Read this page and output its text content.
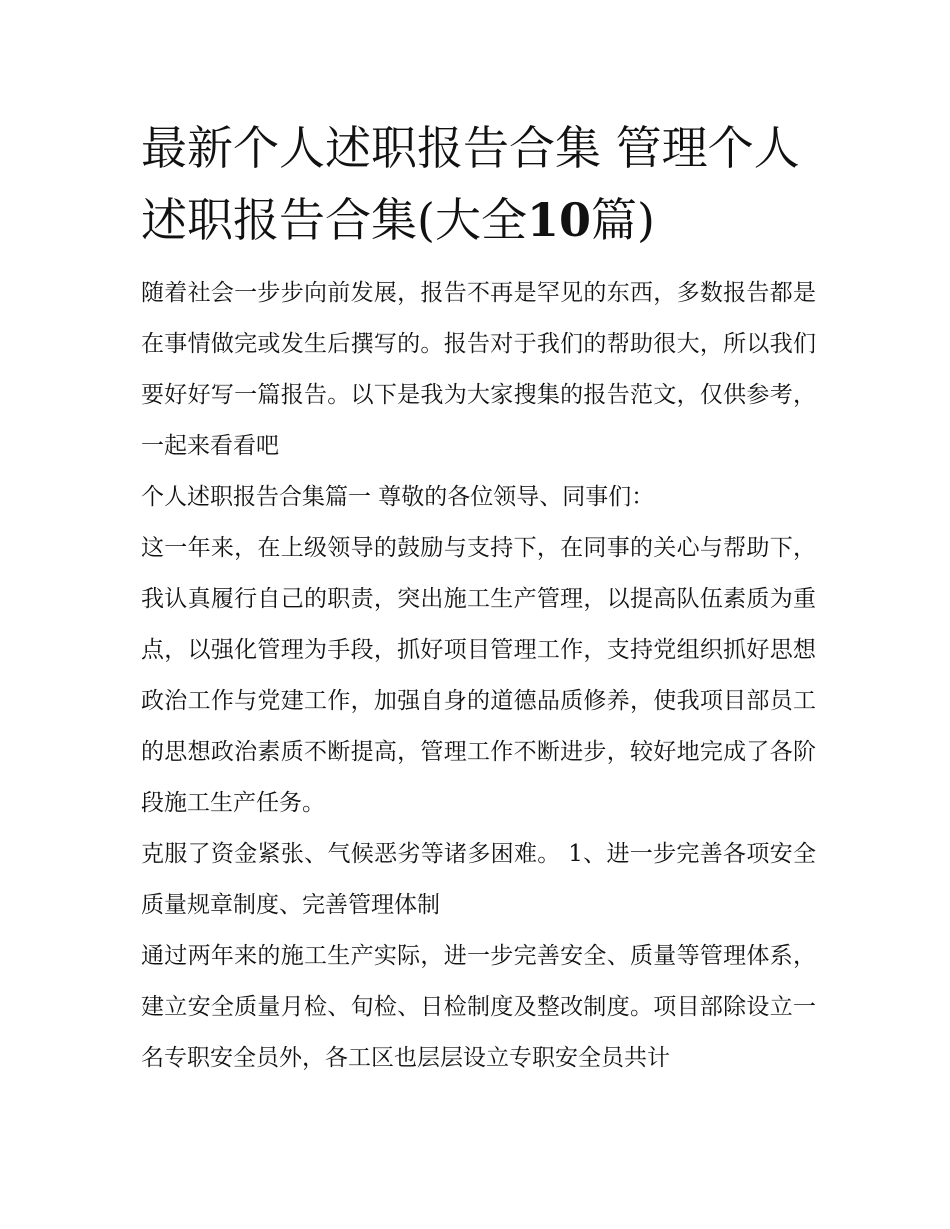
最新个人述职报告合集 管理个人述职报告合集(大全10篇)

随着社会一步步向前发展，报告不再是罕见的东西，多数报告都是在事情做完或发生后撰写的。报告对于我们的帮助很大，所以我们要好好写一篇报告。以下是我为大家搜集的报告范文，仅供参考，一起来看看吧

个人述职报告合集篇一 尊敬的各位领导、同事们：

这一年来，在上级领导的鼓励与支持下，在同事的关心与帮助下，我认真履行自己的职责，突出施工生产管理，以提高队伍素质为重点，以强化管理为手段，抓好项目管理工作，支持党组织抓好思想政治工作与党建工作，加强自身的道德品质修养，使我项目部员工的思想政治素质不断提高，管理工作不断进步，较好地完成了各阶段施工生产任务。

克服了资金紧张、气候恶劣等诸多困难。 1、进一步完善各项安全质量规章制度、完善管理体制

通过两年来的施工生产实际，进一步完善安全、质量等管理体系，建立安全质量月检、旬检、日检制度及整改制度。项目部除设立一名专职安全员外，各工区也层层设立专职安全员共计
